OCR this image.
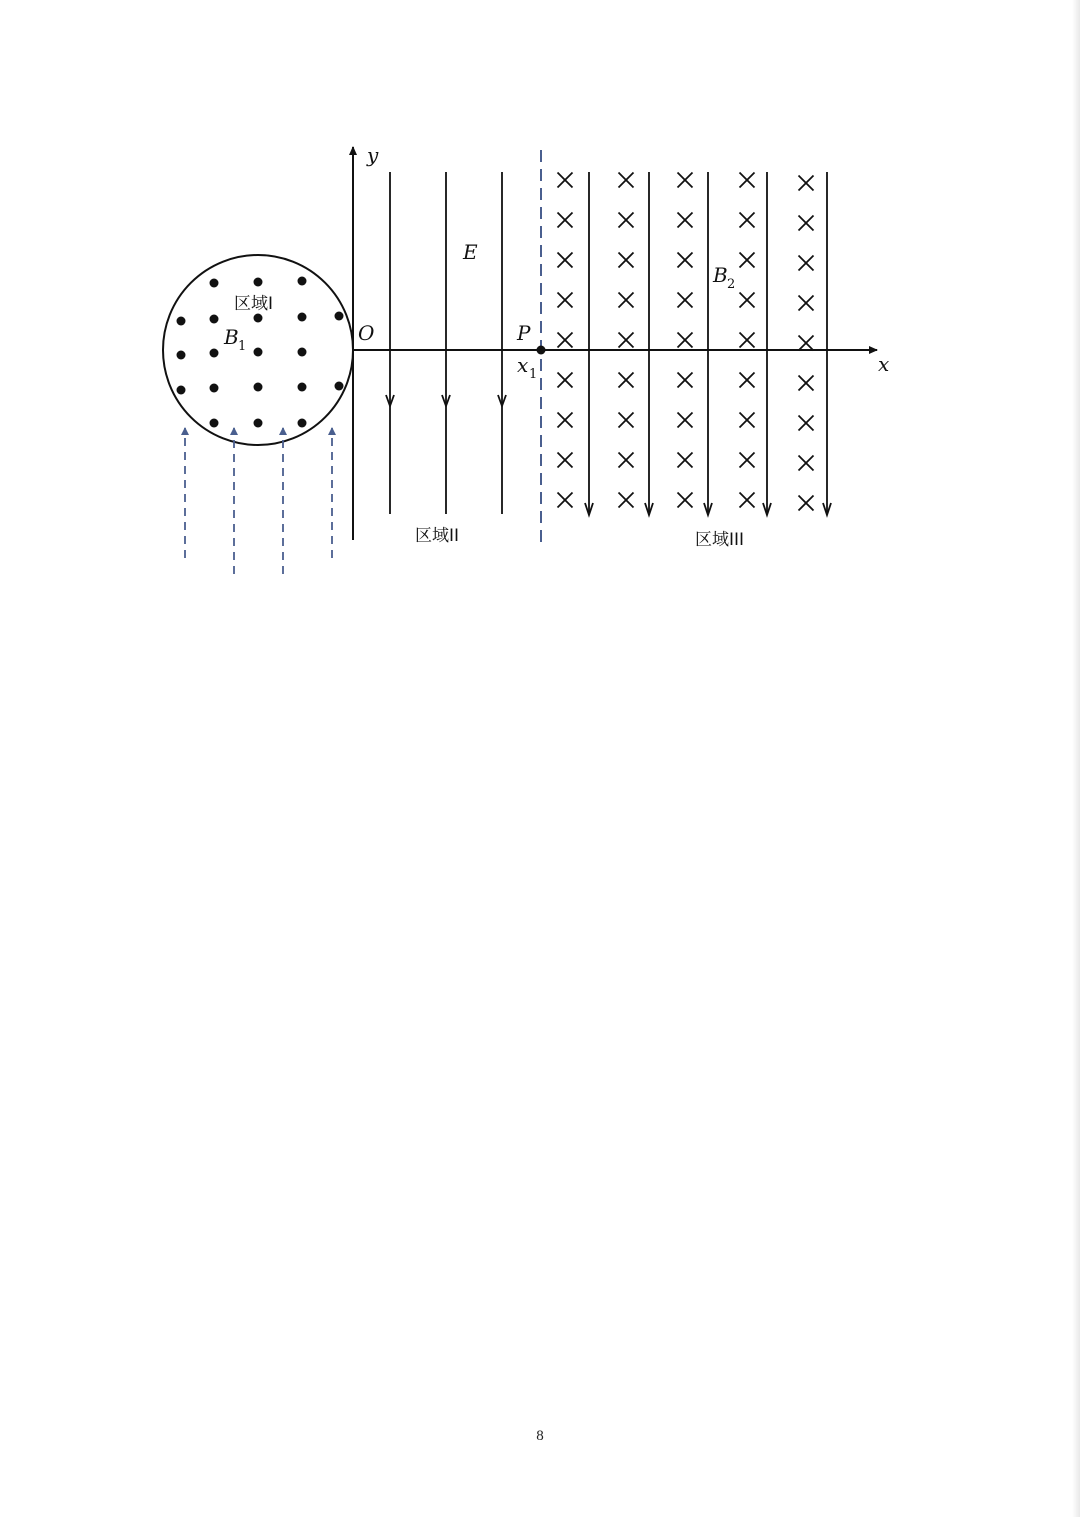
y
x
O
E
P
x 1
B 1
B 2
区域I
区域II	区域III
8
